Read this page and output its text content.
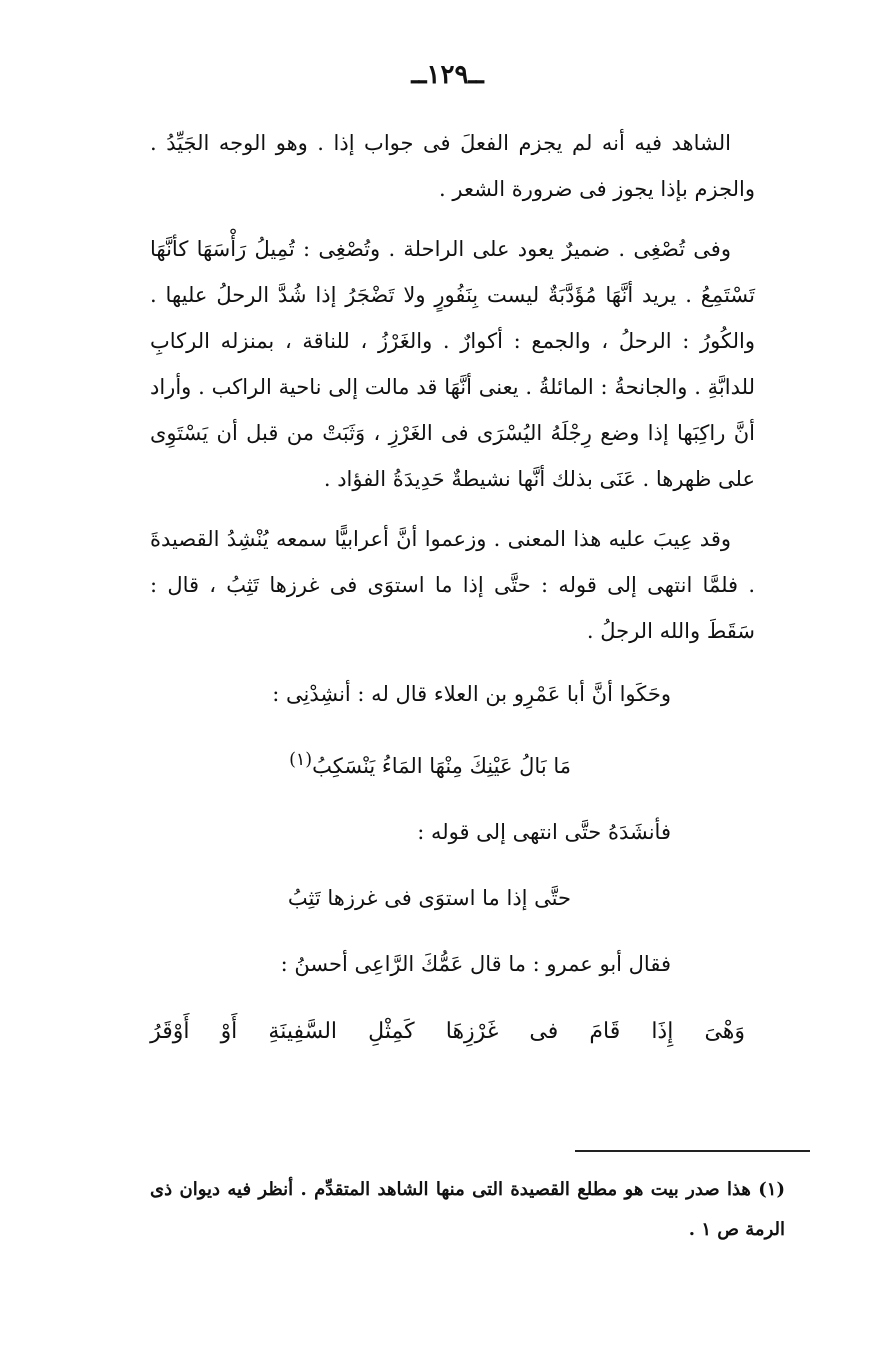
ــ١٢٩ــ

الشاهد فيه أنه لم يجزم الفعلَ فى جواب إذا . وهو الوجه الجَيِّدُ . والجزم بإذا يجوز فى ضرورة الشعر .

وفى تُصْغِى . ضميرٌ يعود على الراحلة . وتُصْغِى : تُمِيلُ رَأْسَهَا كأنَّهَا تَسْتَمِعُ . يريد أنَّهَا مُؤَدَّبَةٌ ليست بِنَفُورٍ ولا تَضْجَرُ إذا شُدَّ الرحلُ عليها . والكُورُ : الرحلُ ، والجمع : أكوارٌ . والغَرْزُ ، للناقة ، بمنزله الركابِ للدابَّةِ . والجانحةُ : المائلةُ . يعنى أنَّهَا قد مالت إلى ناحية الراكب . وأراد أنَّ راكِبَها إذا وضع رِجْلَهُ اليُسْرَى فى الغَرْزِ ، وَثَبَتْ من قبل أن يَسْتَوِى على ظهرها . عَنَى بذلك أنَّها نشيطةٌ حَدِيدَةُ الفؤاد .

وقد عِيبَ عليه هذا المعنى . وزعموا أنَّ أعرابيًّا سمعه يُنْشِدُ القصيدةَ . فلمَّا انتهى إلى قوله : حتَّى إذا ما استوَى فى غرزها تَثِبُ ، قال : سَقَطَ والله الرجلُ .

وحَكَوا أنَّ أبا عَمْرِو بن العلاء قال له : أنشِدْنِى :

مَا بَالُ عَيْنِكَ مِنْهَا المَاءُ يَنْسَكِبُ$^{(١)}$

فأنشَدَهُ حتَّى انتهى إلى قوله :

حتَّى إذا ما استوَى فى غرزها تَثِبُ

فقال أبو عمرو : ما قال عَمُّكَ الرَّاعِى أحسنُ :

وَهْىَ
إِذَا
قَامَ
فى
غَرْزِهَا
كَمِثْلِ
السَّفِينَةِ
أَوْ
أَوْقَرُ

(١) هذا صدر بيت هو مطلع القصيدة التى منها الشاهد المتقدِّم . أنظر فيه ديوان ذى الرمة ص ١ .
